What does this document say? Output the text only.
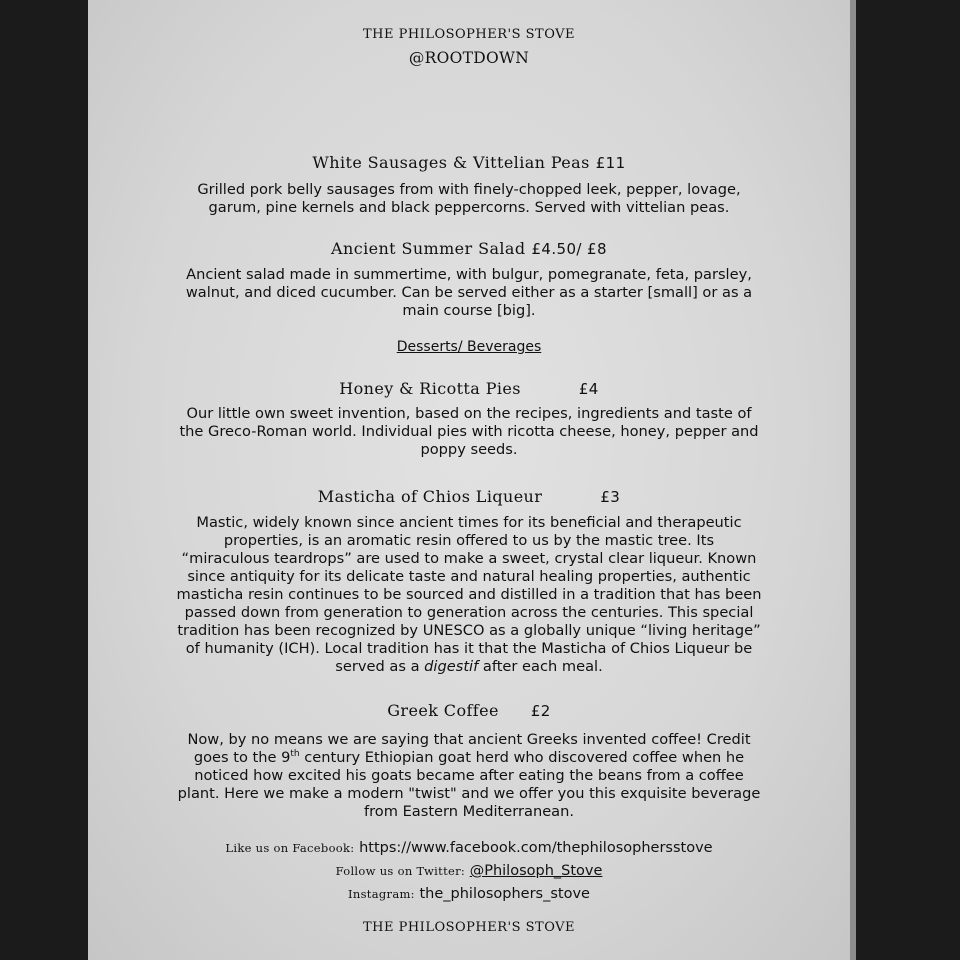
THE PHILOSOPHER'S STOVE
@ROOTDOWN
White Sausages & Vittelian Peas £11
Grilled pork belly sausages from with finely-chopped leek, pepper, lovage,
garum, pine kernels and black peppercorns. Served with vittelian peas.
Ancient Summer Salad £4.50/ £8
Ancient salad made in summertime, with bulgur, pomegranate, feta, parsley,
walnut, and diced cucumber. Can be served either as a starter [small] or as a
main course [big].
Desserts/ Beverages
Honey & Ricotta Pies	£4
Our little own sweet invention, based on the recipes, ingredients and taste of
the Greco-Roman world. Individual pies with ricotta cheese, honey, pepper and
poppy seeds.
Masticha of Chios Liqueur	£3
Mastic, widely known since ancient times for its beneficial and therapeutic
properties, is an aromatic resin offered to us by the mastic tree. Its
“miraculous teardrops” are used to make a sweet, crystal clear liqueur. Known
since antiquity for its delicate taste and natural healing properties, authentic
masticha resin continues to be sourced and distilled in a tradition that has been
passed down from generation to generation across the centuries. This special
tradition has been recognized by UNESCO as a globally unique “living heritage”
of humanity (ICH). Local tradition has it that the Masticha of Chios Liqueur be
served as a digestif after each meal.
Greek Coffee £2
Now, by no means we are saying that ancient Greeks invented coffee! Credit
goes to the 9th century Ethiopian goat herd who discovered coffee when he
noticed how excited his goats became after eating the beans from a coffee
plant. Here we make a modern "twist" and we offer you this exquisite beverage
from Eastern Mediterranean.
Like us on Facebook: https://www.facebook.com/thephilosophersstove
Follow us on Twitter: @Philosoph_Stove
Instagram: the_philosophers_stove
THE PHILOSOPHER'S STOVE
